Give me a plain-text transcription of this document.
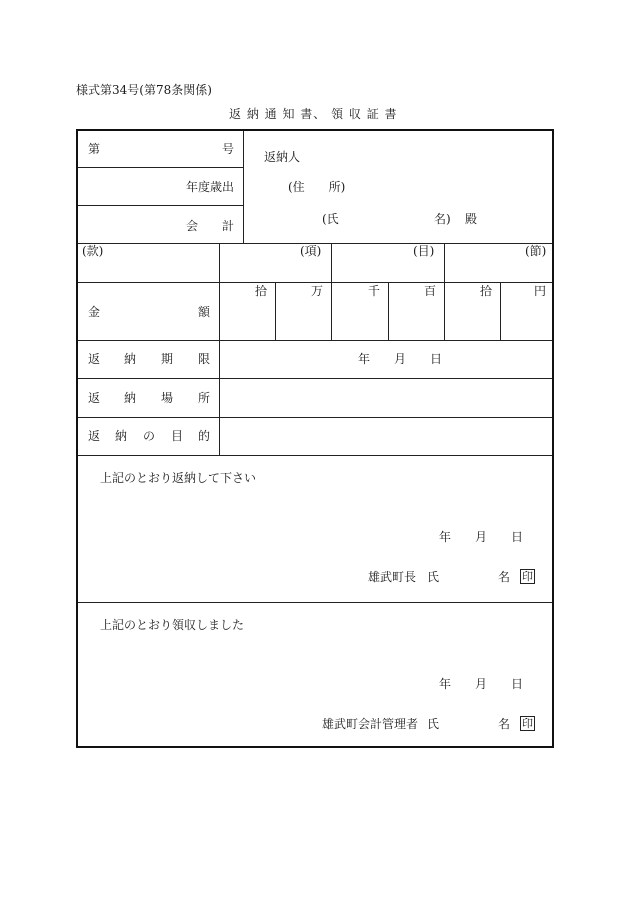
様式第34号(第78条関係)
返 納 通 知 書、 領 収 証 書
第	号
年度歳出
会 計
返納人
(住　　所)
(氏	名) 殿
(款)	(項)	(目)	(節)
金	額
拾	万	千	百	拾	円
返 納 期 限	年 月 日
返 納 場 所
返 納 の 目 的
上記のとおり返納して下さい
年 月 日
雄武町長 氏	名 印
上記のとおり領収しました
年 月 日
雄武町会計管理者 氏	名 印
